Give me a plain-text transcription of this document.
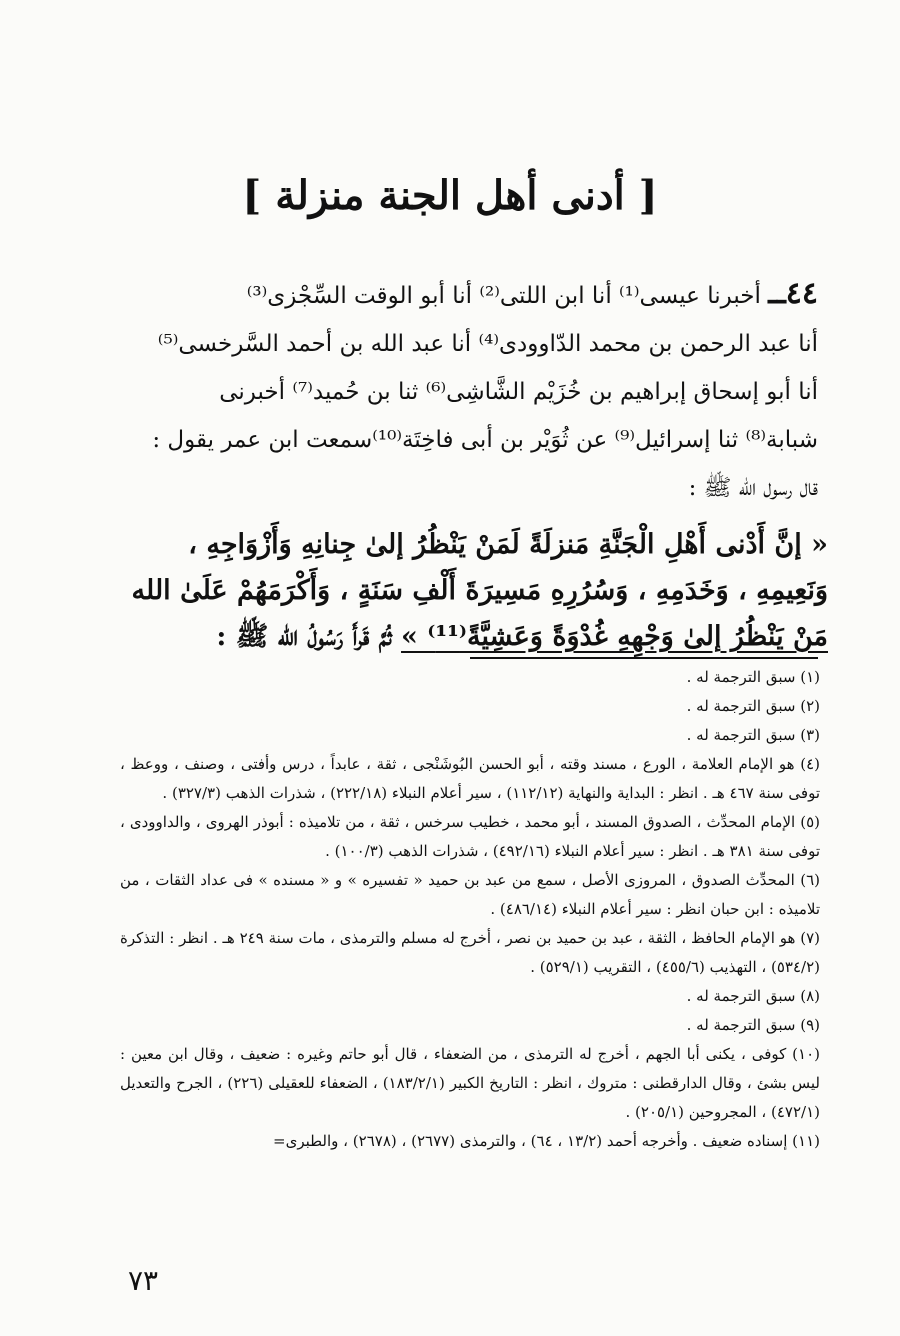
[ أدنى أهل الجنة منزلة ]

٤٤ــ أخبرنا عيسى⁽¹⁾ أنا ابن اللتى⁽²⁾ أنا أبو الوقت السِّجْزى⁽³⁾

أنا عبد الرحمن بن محمد الدّاوودى⁽⁴⁾ أنا عبد الله بن أحمد السَّرخسى⁽⁵⁾

أنا أبو إسحاق إبراهيم بن خُزَيْم الشَّاشِى⁽⁶⁾ ثنا بن حُميد⁽⁷⁾ أخبرنى

شبابة⁽⁸⁾ ثنا إسرائيل⁽⁹⁾ عن ثُوَيْر بن أبى فاخِتَة⁽¹⁰⁾سمعت ابن عمر يقول :

قال رسول الله ﷺ :

« إنَّ أَدْنى أَهْلِ الْجَنَّةِ مَنزلَةً لَمَنْ يَنْظُرُ إلىٰ جِنانِهِ وَأَزْوَاجِهِ ،

وَنَعِيمِهِ ، وَخَدَمِهِ ، وَسُرُرِهِ مَسِيرَةَ أَلْفِ سَنَةٍ ، وَأَكْرَمَهُمْ عَلَىٰ الله

مَنْ يَنْظُرُ إلىٰ وَجْهِهِ غُدْوَةً وَعَشِيَّةً⁽¹¹⁾ » ثُمَّ قَرأَ رَسُولُ الله ﷺ :

(١) سبق الترجمة له .

(٢) سبق الترجمة له .

(٣) سبق الترجمة له .

(٤) هو الإمام العلامة ، الورع ، مسند وقته ، أبو الحسن البُوشَنْجى ، ثقة ، عابداً ، درس وأفتى ، وصنف ، ووعظ ، توفى سنة ٤٦٧ هـ . انظر : البداية والنهاية (١١٢/١٢) ، سير أعلام النبلاء (٢٢٢/١٨) ، شذرات الذهب (٣٢٧/٣) .

(٥) الإمام المحدِّث ، الصدوق المسند ، أبو محمد ، خطيب سرخس ، ثقة ، من تلاميذه : أبوذر الهروى ، والداوودى ، توفى سنة ٣٨١ هـ . انظر : سير أعلام النبلاء (٤٩٢/١٦) ، شذرات الذهب (١٠٠/٣) .

(٦) المحدِّث الصدوق ، المروزى الأصل ، سمع من عبد بن حميد « تفسيره » و « مسنده » فى عداد الثقات ، من تلاميذه : ابن حبان انظر : سير أعلام النبلاء (٤٨٦/١٤) .

(٧) هو الإمام الحافظ ، الثقة ، عبد بن حميد بن نصر ، أخرج له مسلم والترمذى ، مات سنة ٢٤٩ هـ . انظر : التذكرة (٥٣٤/٢) ، التهذيب (٤٥٥/٦) ، التقريب (٥٢٩/١) .

(٨) سبق الترجمة له .

(٩) سبق الترجمة له .

(١٠) كوفى ، يكنى أبا الجهم ، أخرج له الترمذى ، من الضعفاء ، قال أبو حاتم وغيره : ضعيف ، وقال ابن معين : ليس بشئ ، وقال الدارقطنى : متروك ، انظر : التاريخ الكبير (١٨٣/٢/١) ، الضعفاء للعقيلى (٢٢٦) ، الجرح والتعديل (٤٧٢/١) ، المجروحين (٢٠٥/١) .

(١١) إسناده ضعيف . وأخرجه أحمد (١٣/٢ ، ٦٤) ، والترمذى (٢٦٧٧) ، (٢٦٧٨) ، والطبرى=

٧٣
